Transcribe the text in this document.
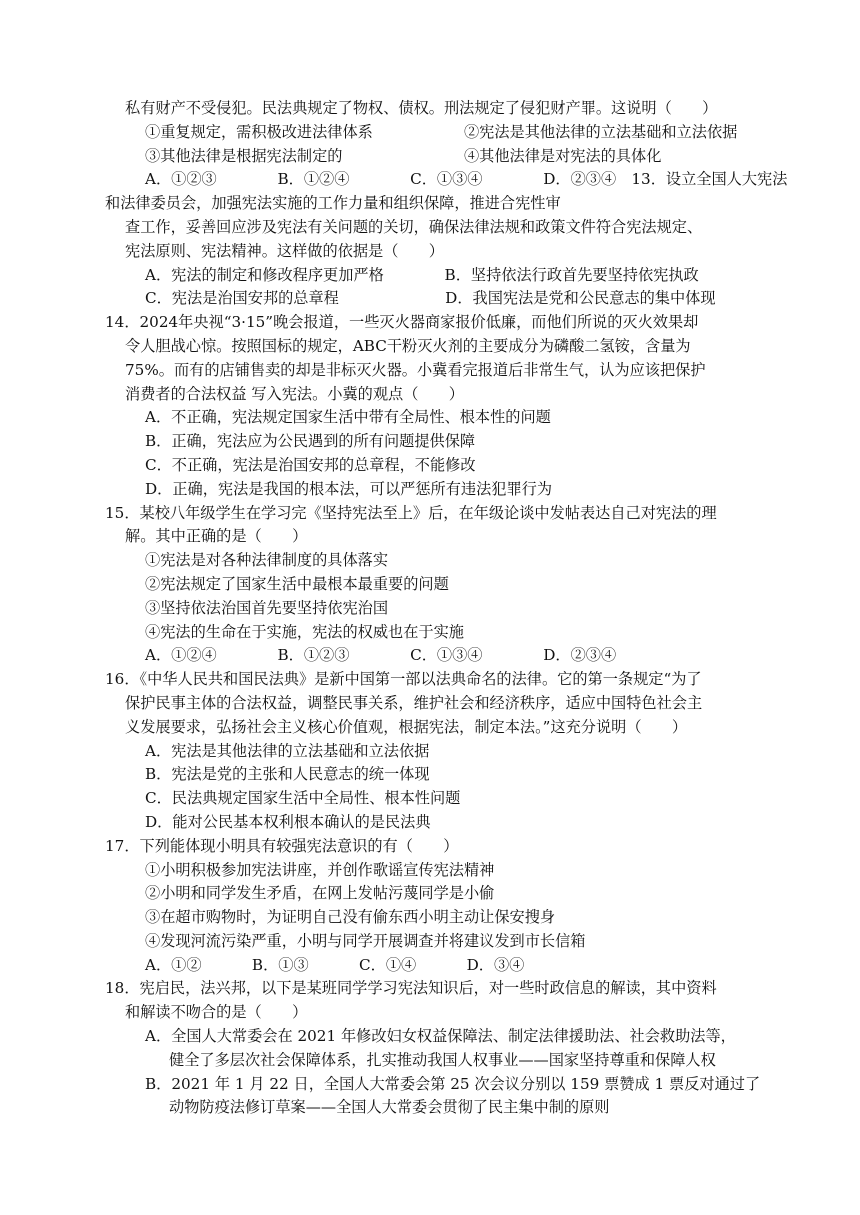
私有财产不受侵犯。民法典规定了物权、债权。刑法规定了侵犯财产罪。这说明（　　）
①重复规定，需积极改进法律体系　　　　　　②宪法是其他法律的立法基础和立法依据
③其他法律是根据宪法制定的　　　　　　　　④其他法律是对宪法的具体化
A．①②③　　　　B．①②④　　　　C．①③④　　　　D．②③④　13．设立全国人大宪法
和法律委员会，加强宪法实施的工作力量和组织保障，推进合宪性审
查工作，妥善回应涉及宪法有关问题的关切，确保法律法规和政策文件符合宪法规定、
宪法原则、宪法精神。这样做的依据是（　　）
A．宪法的制定和修改程序更加严格　　　　B．坚持依法行政首先要坚持依宪执政
C．宪法是治国安邦的总章程　　　　　　　D．我国宪法是党和公民意志的集中体现
14．2024年央视“3·15”晚会报道，一些灭火器商家报价低廉，而他们所说的灭火效果却
令人胆战心惊。按照国标的规定，ABC干粉灭火剂的主要成分为磷酸二氢铵，含量为
75%。而有的店铺售卖的却是非标灭火器。小冀看完报道后非常生气，认为应该把保护
消费者的合法权益 写入宪法。小冀的观点（　　）
A．不正确，宪法规定国家生活中带有全局性、根本性的问题
B．正确，宪法应为公民遇到的所有问题提供保障
C．不正确，宪法是治国安邦的总章程，不能修改
D．正确，宪法是我国的根本法，可以严惩所有违法犯罪行为
15．某校八年级学生在学习完《坚持宪法至上》后，在年级论谈中发帖表达自己对宪法的理
解。其中正确的是（　　）
①宪法是对各种法律制度的具体落实
②宪法规定了国家生活中最根本最重要的问题
③坚持依法治国首先要坚持依宪治国
④宪法的生命在于实施，宪法的权威也在于实施
A．①②④　　　　B．①②③　　　　C．①③④　　　　D．②③④
16．《中华人民共和国民法典》是新中国第一部以法典命名的法律。它的第一条规定“为了
保护民事主体的合法权益，调整民事关系，维护社会和经济秩序，适应中国特色社会主
义发展要求，弘扬社会主义核心价值观，根据宪法，制定本法。”这充分说明（　　）
A．宪法是其他法律的立法基础和立法依据
B．宪法是党的主张和人民意志的统一体现
C．民法典规定国家生活中全局性、根本性问题
D．能对公民基本权利根本确认的是民法典
17．下列能体现小明具有较强宪法意识的有（　　）
①小明积极参加宪法讲座，并创作歌谣宣传宪法精神
②小明和同学发生矛盾，在网上发帖污蔑同学是小偷
③在超市购物时，为证明自己没有偷东西小明主动让保安搜身
④发现河流污染严重，小明与同学开展调查并将建议发到市长信箱
A．①②　　　 B．①③　　　 C．①④　　　 D．③④
18．宪启民，法兴邦，以下是某班同学学习宪法知识后，对一些时政信息的解读，其中资料
和解读不吻合的是（　　）
A．全国人大常委会在 2021 年修改妇女权益保障法、制定法律援助法、社会救助法等，
健全了多层次社会保障体系，扎实推动我国人权事业——国家坚持尊重和保障人权
B．2021 年 1 月 22 日，全国人大常委会第 25 次会议分别以 159 票赞成 1 票反对通过了
动物防疫法修订草案——全国人大常委会贯彻了民主集中制的原则
